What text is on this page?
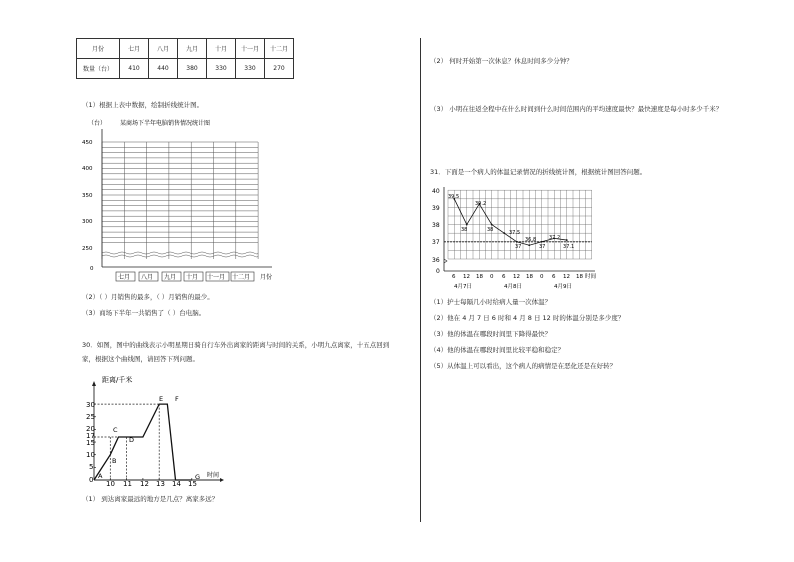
月份	七月	八月	九月	十月	十一月	十二月
数量（台）	410	440	380	330	330	270
（1）根据上表中数据，绘制折线统计图。
（台） 某商场下半年电脑销售情况统计图
450
400
350
300
250
0
七月 八月 九月 十月 十一月 十二月 月份
（2）（ ）月销售的最多，（ ）月销售的最少。
（3）商场下半年一共销售了（ ）台电脑。
30．如图，图中的曲线表示小明星期日骑自行车外出离家的距离与时间的关系，小明九点离家，十五点回到
家，根据这个曲线图，请回答下列问题。
距离/千米
30
25
20
17
15
10
5
0 10 11 12 13 14 15
时间
A
B
C
D
E F
G
（1） 到达离家最远的地方是几点？离家多远？
（2） 何时开始第一次休息？休息时间多少分钟？
（3） 小明在往返全程中在什么时间到什么时间范围内的平均速度最快？最快速度是每小时多少千米？
31．下面是一个病人的体温记录情况的折线统计图，根据统计图回答问题。
40
39
38
37
36
0
6 12 18 0 6 12 18 0 6 12 18 时间
4月7日	4月8日	4月9日
39.5
38
39.2
38	37.5
37
36.8
37
37.2
37.1
（1）护士每隔几小时给病人量一次体温？
（2）他在 4 月 7 日 6 时和 4 月 8 日 12 时的体温分别是多少度？
（3）他的体温在哪段时间里下降得最快？
（4）他的体温在哪段时间里比较平稳和稳定？
（5）从体温上可以看出，这个病人的病情是在恶化还是在好转？
